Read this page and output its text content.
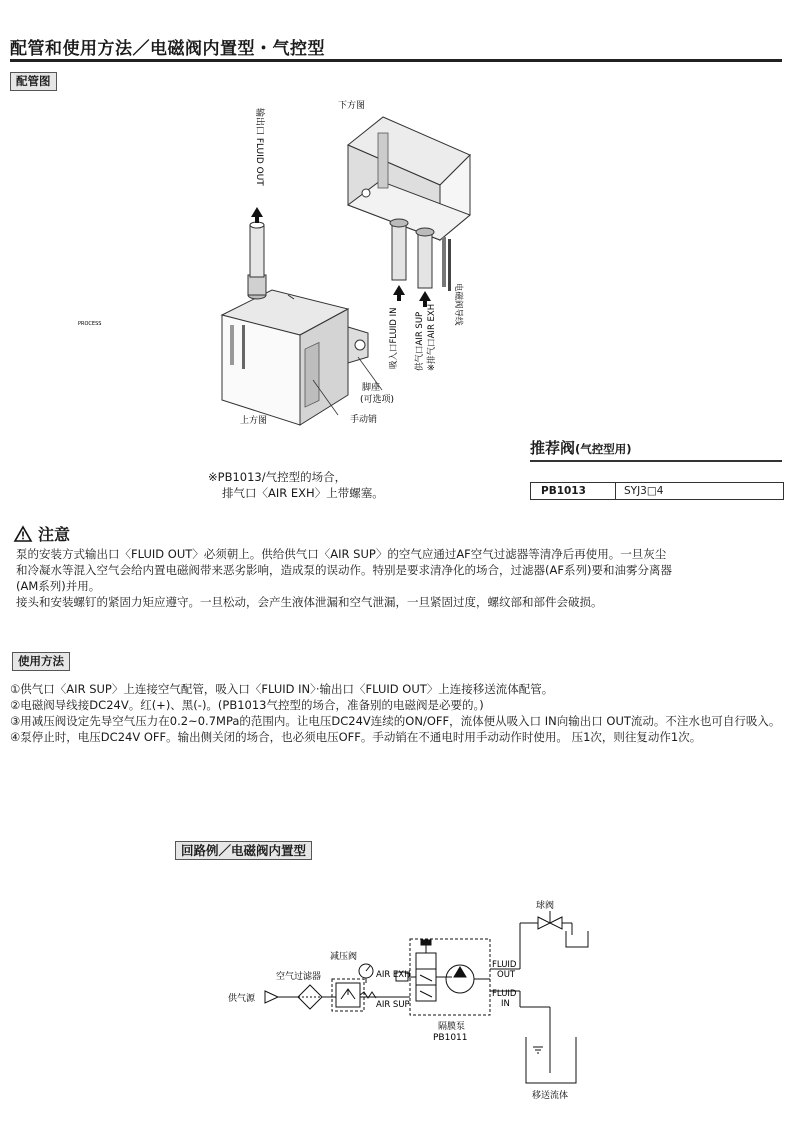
配管和使用方法／电磁阀内置型・气控型
配管图
输出口 FLUID OUT
PROCESS
下方图
上方图
吸入口FLUID IN 供气口AIR SUP ※排气口AIR EXH 电磁阀导线
脚座
(可选项)
手动销
※PB1013/气控型的场合，
排气口〈AIR EXH〉上带螺塞。
推荐阀(气控型用)
PB1013	SYJ3□4
注意
泵的安装方式输出口〈FLUID OUT〉必须朝上。供给供气口〈AIR SUP〉的空气应通过AF空气过滤器等清净后再使用。一旦灰尘
和冷凝水等混入空气会给内置电磁阀带来恶劣影响，造成泵的误动作。特别是要求清净化的场合，过滤器(AF系列)要和油雾分离器
(AM系列)并用。
接头和安装螺钉的紧固力矩应遵守。一旦松动，会产生液体泄漏和空气泄漏，一旦紧固过度，螺纹部和部件会破损。
使用方法
①供气口〈AIR SUP〉上连接空气配管，吸入口〈FLUID IN〉·输出口〈FLUID OUT〉上连接移送流体配管。
②电磁阀导线接DC24V。红(+)、黑(-)。(PB1013气控型的场合，准备别的电磁阀是必要的。)
③用减压阀设定先导空气压力在0.2~0.7MPa的范围内。让电压DC24V连续的ON/OFF，流体便从吸入口 IN向输出口 OUT流动。不注水也可自行吸入。
④泵停止时，电压DC24V OFF。输出侧关闭的场合，也必须电压OFF。手动销在不通电时用手动动作时使用。 压1次，则往复动作1次。
回路例／电磁阀内置型
供气源
空气过滤器
减压阀
AIR EXH
AIR SUP
隔膜泵
PB1011
FLUID
OUT
FLUID
IN
球阀
移送流体
